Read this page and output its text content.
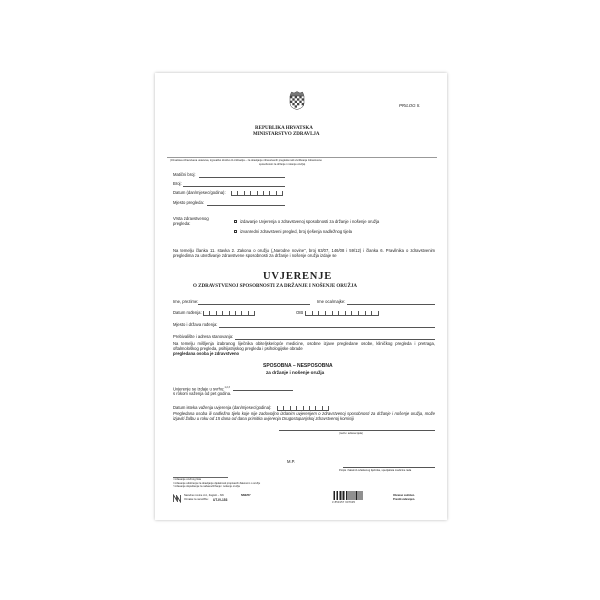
REPUBLIKA HRVATSKA
MINISTARSTVO ZDRAVLJA
PRILOG II.
(Označava zdravstvena ustanova, trgovačko društvo ili ordinacija – za obavljanje zdravstvenih pregleda radi utvrđivanja zdravstvene
sposobnosti za držanje i nošenje oružja)
Matični broj:
Broj:
Datum (dan/mjesec/godina):
Mjesto pregleda:
Vrsta zdravstvenog
pregleda:	izdavanje Uvjerenja o zdravstvenoj sposobnosti za držanje i nošenje oružja
izvanredni zdravstveni pregled, broj rješenja nadležnog tijela
Na temelju članka 11. stavka 2. Zakona o oružju („Narodne novine", broj 63/07, 146/08 i 59/12) i članka 6. Pravilnika o zdravstvenim pregledima za utvrđivanje zdravstvene sposobnosti za držanje i nošenje oružja izdaje se
UVJERENJE
O ZDRAVSTVENOJ SPOSOBNOSTI ZA DRŽANJE I NOŠENJE ORUŽJA
Ime, prezime:	Ime oca/majke:
Datum rođenja:	OIB
Mjesto i država rođenja:
Prebivalište i adresa stanovanja:
Na temelju mišljenja izabranog liječnika obiteljske/opće medicine, osobne izjave pregledane osobe, kliničkog pregleda i pretraga, oftalmološkog pregleda, psihijatrijskog pregleda i psihologijske obrade
pregledana osoba je zdravstveno
SPOSOBNA – NESPOSOBNA
za držanje i nošenje oružja
Uvjerenje se izdaje u svrhu:$^{1,2,3}$
s rokom važenja od pet godina.
Datum isteka važenja uvjerenja (dan/mjesec/godina):
Pregledana osoba ili nadležno tijelo koje nije zadovoljno izdanim uvjerenjem o zdravstvenoj sposobnosti za držanje i nošenje oružja, može izjaviti žalbu u roku od 15 dana od dana primitka uvjerenja Drugostupanjskoj zdravstvenoj komisiji
(naziv i adresa tijela)
M.P.
Potpis i faksimil ovlaštenog liječnika, specijalista medicine rada
¹ izdavanje oružnog lista
² izdavanje odobrenja za obavljanje djelatnosti propisanih Zakonom o oružju
³ izdavanje dopuštenja za nabavu/držanje i nošenje oružja
Narodne novine d.d., Zagreb – NN
Oznaka za narudžbu: UT-IV-153
NN0257
3 850157 607635
Obrazac zaštićen.
Preslik zabranjen.
